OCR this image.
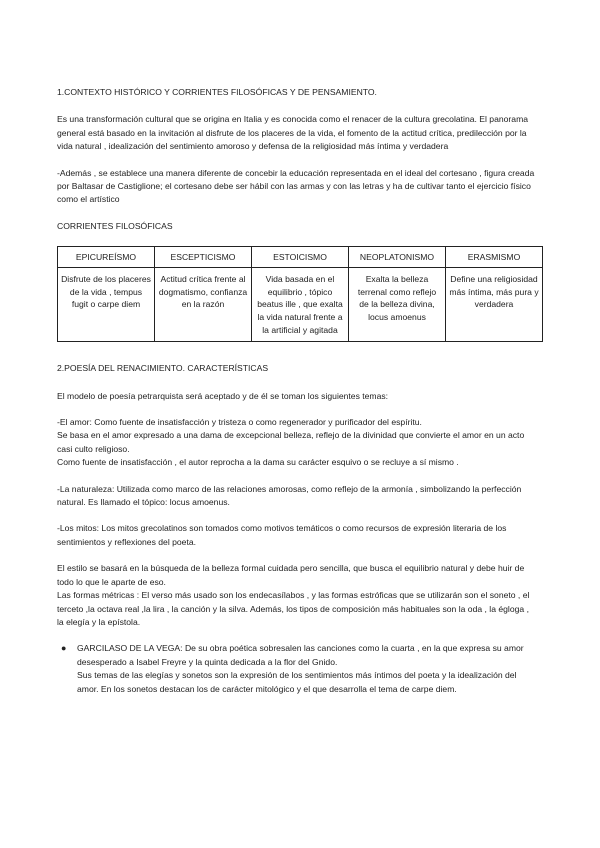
1.CONTEXTO HISTÓRICO Y CORRIENTES FILOSÓFICAS Y DE PENSAMIENTO.

Es una transformación cultural que se origina en Italia y es conocida como el renacer de la cultura grecolatina. El panorama general está basado en la invitación al disfrute de los placeres de la vida, el fomento de la actitud crítica, predilección por la vida natural , idealización del sentimiento amoroso y defensa de la religiosidad más íntima y verdadera

-Además , se establece una manera diferente de concebir la educación representada en el ideal del cortesano , figura creada por Baltasar de Castiglione; el cortesano debe ser hábil con las armas y con las letras y ha de cultivar tanto el ejercicio físico como el artístico

CORRIENTES FILOSÓFICAS

EPICUREÍSMO	ESCEPTICISMO	ESTOICISMO	NEOPLATONISMO	ERASMISMO
Disfrute de los placeres de la vida , tempus fugit o carpe diem	Actitud crítica frente al dogmatismo, confianza en la razón	Vida basada en el equilibrio , tópico beatus ille , que exalta la vida natural frente a la artificial y agitada	Exalta la belleza terrenal como reflejo de la belleza divina, locus amoenus	Define una religiosidad más íntima, más pura y verdadera

2.POESÍA DEL RENACIMIENTO. CARACTERÍSTICAS

El modelo de poesía petrarquista será aceptado y de él se toman los siguientes temas:

-El amor: Como fuente de insatisfacción y tristeza o como regenerador y purificador del espíritu.

Se basa en el amor expresado a una dama de excepcional belleza, reflejo de la divinidad que convierte el amor en un acto casi culto religioso.

Como fuente de insatisfacción , el autor reprocha a la dama su carácter esquivo o se recluye a sí mismo .

-La naturaleza: Utilizada como marco de las relaciones amorosas, como reflejo de la armonía , simbolizando la perfección natural. Es llamado el tópico: locus amoenus.

-Los mitos: Los mitos grecolatinos son tomados como motivos temáticos o como recursos de expresión literaria de los sentimientos y reflexiones del poeta.

El estilo se basará en la búsqueda de la belleza formal cuidada pero sencilla, que busca el equilibrio natural y debe huir de todo lo que le aparte de eso.

Las formas métricas : El verso más usado son los endecasílabos , y las formas estróficas que se utilizarán son el soneto , el terceto ,la octava real ,la lira , la canción y la silva. Además, los tipos de composición más habituales son la oda , la égloga , la elegía y la epístola.

● GARCILASO DE LA VEGA: De su obra poética sobresalen las canciones como la cuarta , en la que expresa su amor desesperado a Isabel Freyre y la quinta dedicada a la flor del Gnido.

Sus temas de las elegías y sonetos son la expresión de los sentimientos más íntimos del poeta y la idealización del amor. En los sonetos destacan los de carácter mitológico y el que desarrolla el tema de carpe diem.
